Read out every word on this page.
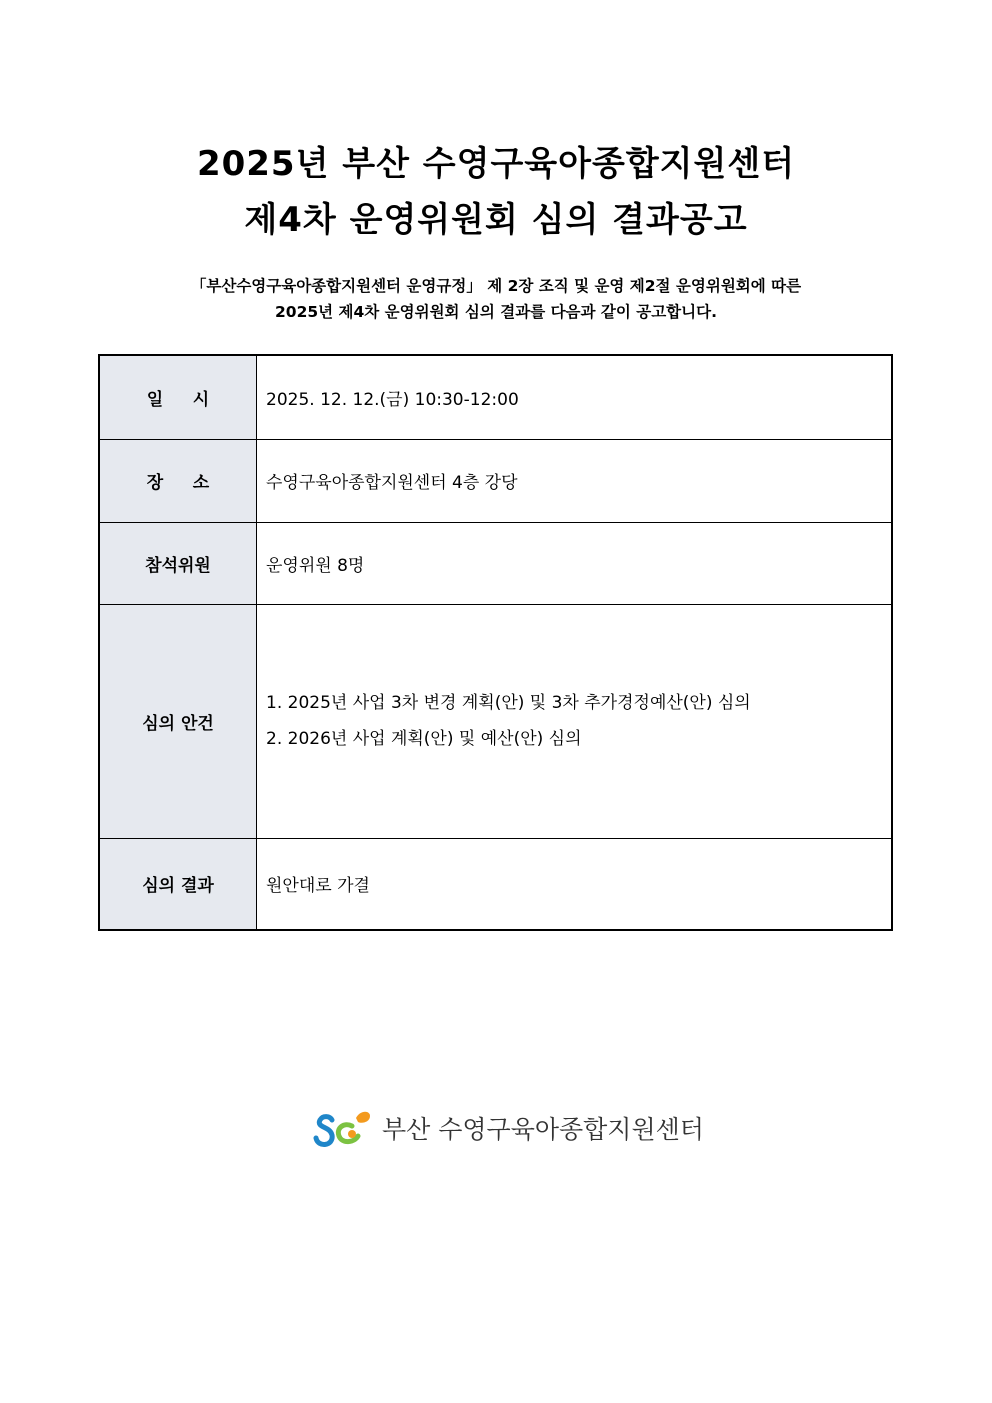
2025년 부산 수영구육아종합지원센터
제4차 운영위원회 심의 결과공고
「부산수영구육아종합지원센터 운영규정」 제 2장 조직 및 운영 제2절 운영위원회에 따른
2025년 제4차 운영위원회 심의 결과를 다음과 같이 공고합니다.
일     시	2025. 12. 12.(금) 10:30-12:00
장     소	수영구육아종합지원센터 4층 강당
참석위원	운영위원 8명
심의 안건	1. 2025년 사업 3차 변경 계획(안) 및 3차 추가경정예산(안) 심의
2. 2026년 사업 계획(안) 및 예산(안) 심의

심의 결과	원안대로 가결
부산 수영구육아종합지원센터
